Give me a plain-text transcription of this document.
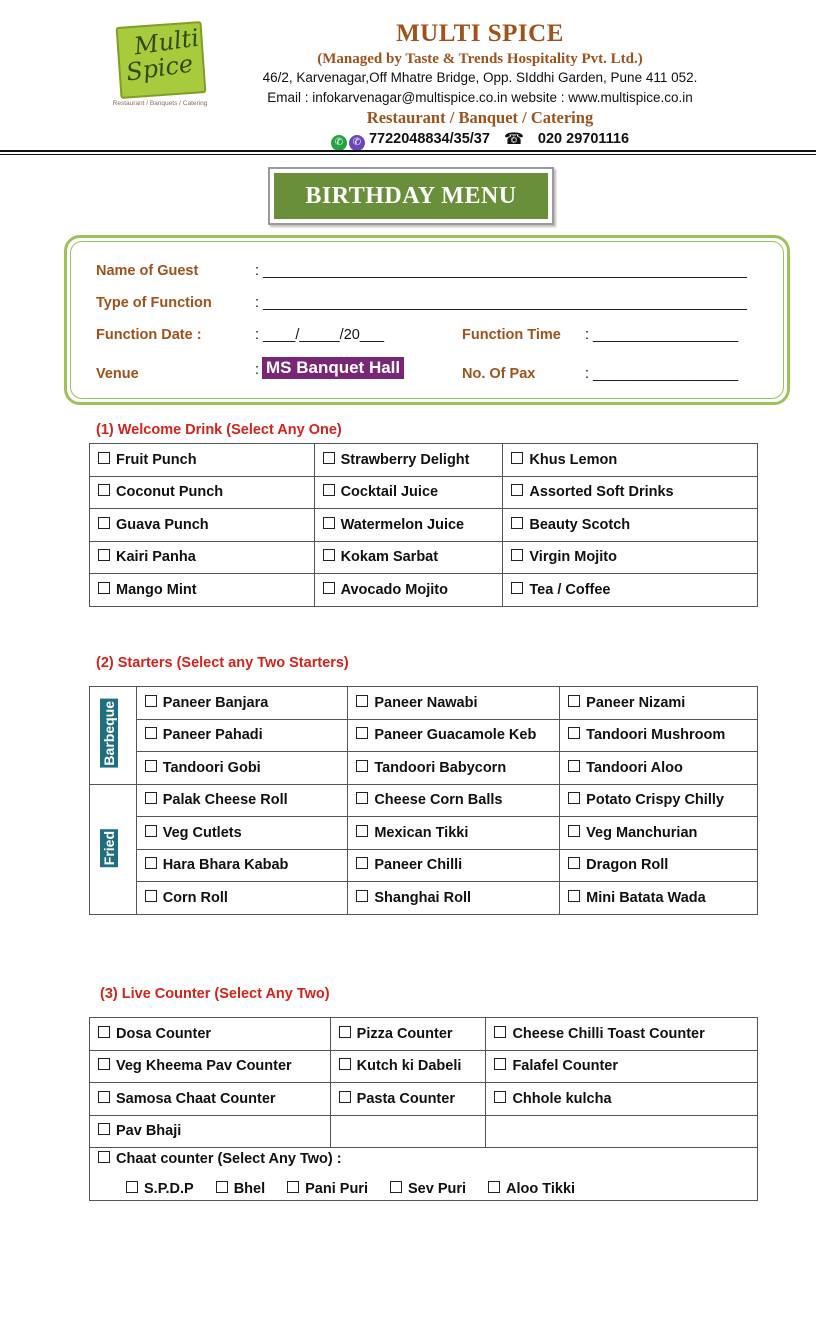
Multi
Spice
Restaurant / Banquets / Catering
MULTI SPICE
(Managed by Taste & Trends Hospitality Pvt. Ltd.)
46/2, Karvenagar,Off Mhatre Bridge, Opp. SIddhi Garden, Pune 411 052.
Email : infokarvenagar@multispice.co.in website : www.multispice.co.in
Restaurant / Banquet / Catering
✆ ✆ 7722048834/35/37 ☎ 020 29701116
BIRTHDAY MENU
Name of Guest	: ____________________________________________________________
Type of Function	: ____________________________________________________________
Function Date :	: ____/_____/20___	Function Time : __________________
Venue	: MS Banquet Hall	No. Of Pax	: __________________
(1) Welcome Drink (Select Any One)
Fruit Punch	Strawberry Delight	Khus Lemon
Coconut Punch	Cocktail Juice	Assorted Soft Drinks
Guava Punch	Watermelon Juice	Beauty Scotch
Kairi Panha	Kokam Sarbat	Virgin Mojito
Mango Mint	Avocado Mojito	Tea / Coffee
(2) Starters (Select any Two Starters)
Barbeque	Paneer Banjara	Paneer Nawabi	Paneer Nizami
	Paneer Pahadi	Paneer Guacamole Keb	Tandoori Mushroom
	Tandoori Gobi	Tandoori Babycorn	Tandoori Aloo

Fried	Palak Cheese Roll	Cheese Corn Balls	Potato Crispy Chilly
	Veg Cutlets	Mexican Tikki	Veg Manchurian
	Hara Bhara Kabab	Paneer Chilli	Dragon Roll
	Corn Roll	Shanghai Roll	Mini Batata Wada
(3) Live Counter (Select Any Two)
Dosa Counter	Pizza Counter	Cheese Chilli Toast Counter
Veg Kheema Pav Counter	Kutch ki Dabeli	Falafel Counter
Samosa Chaat Counter	Pasta Counter	Chhole kulcha
Pav Bhaji		

Chaat counter (Select Any Two) :
S.P.D.P Bhel Pani Puri Sev Puri Aloo Tikki		
